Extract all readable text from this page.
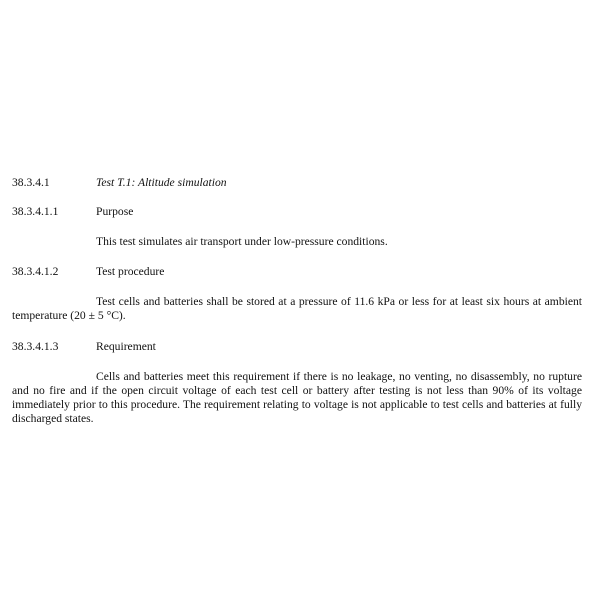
38.3.4.1	Test T.1: Altitude simulation
38.3.4.1.1	Purpose

This test simulates air transport under low-pressure conditions.

38.3.4.1.2	Test procedure

Test cells and batteries shall be stored at a pressure of 11.6 kPa or less for at least six hours at ambient temperature (20 ± 5 °C).

38.3.4.1.3	Requirement

Cells and batteries meet this requirement if there is no leakage, no venting, no disassembly, no rupture and no fire and if the open circuit voltage of each test cell or battery after testing is not less than 90% of its voltage immediately prior to this procedure. The requirement relating to voltage is not applicable to test cells and batteries at fully discharged states.
